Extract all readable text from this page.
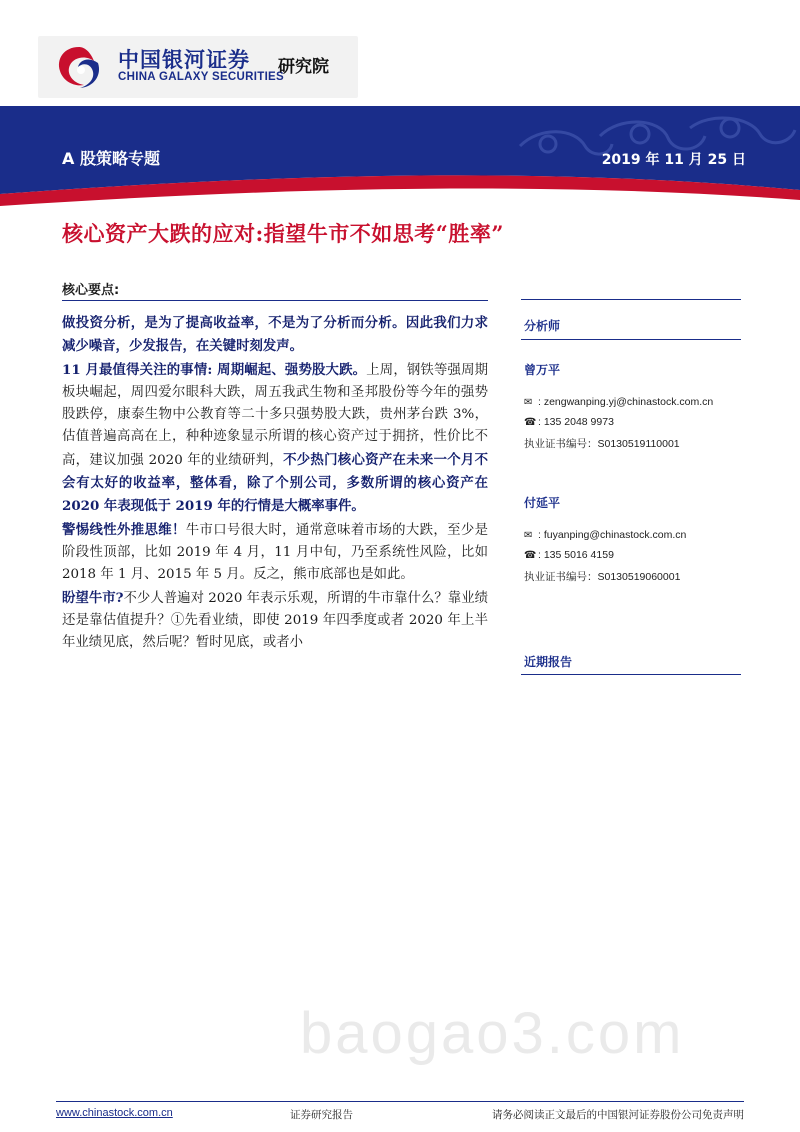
中国银河证券
CHINA GALAXY SECURITIES
研究院
A 股策略专题	2019 年 11 月 25 日
核心资产大跌的应对:指望牛市不如思考“胜率”
核心要点:

做投资分析，是为了提高收益率，不是为了分析而分析。因此我们力求减少噪音，少发报告，在关键时刻发声。

11 月最值得关注的事情: 周期崛起、强势股大跌。上周，钢铁等强周期板块崛起，周四爱尔眼科大跌，周五我武生物和圣邦股份等今年的强势股跌停，康泰生物中公教育等二十多只强势股大跌，贵州茅台跌 3%，估值普遍高高在上，种种迹象显示所谓的核心资产过于拥挤，性价比不高，建议加强 2020 年的业绩研判，不少热门核心资产在未来一个月不会有太好的收益率，整体看，除了个别公司，多数所谓的核心资产在 2020 年表现低于 2019 年的行情是大概率事件。

警惕线性外推思维！牛市口号很大时，通常意味着市场的大跌，至少是阶段性顶部，比如 2019 年 4 月，11 月中旬，乃至系统性风险，比如 2018 年 1 月、2015 年 5 月。反之，熊市底部也是如此。

盼望牛市?不少人普遍对 2020 年表示乐观，所谓的牛市靠什么？靠业绩还是靠估值提升？①先看业绩，即使 2019 年四季度或者 2020 年上半年业绩见底，然后呢？暂时见底，或者小

分析师
曾万平
✉ : zengwanping.yj@chinastock.com.cn
☎ : 135 2048 9973
执业证书编号：S0130519110001
付延平
✉ : fuyanping@chinastock.com.cn
☎ : 135 5016 4159
执业证书编号：S0130519060001
近期报告
baogao3.com
www.chinastock.com.cn	证券研究报告	请务必阅读正文最后的中国银河证券股份公司免责声明
